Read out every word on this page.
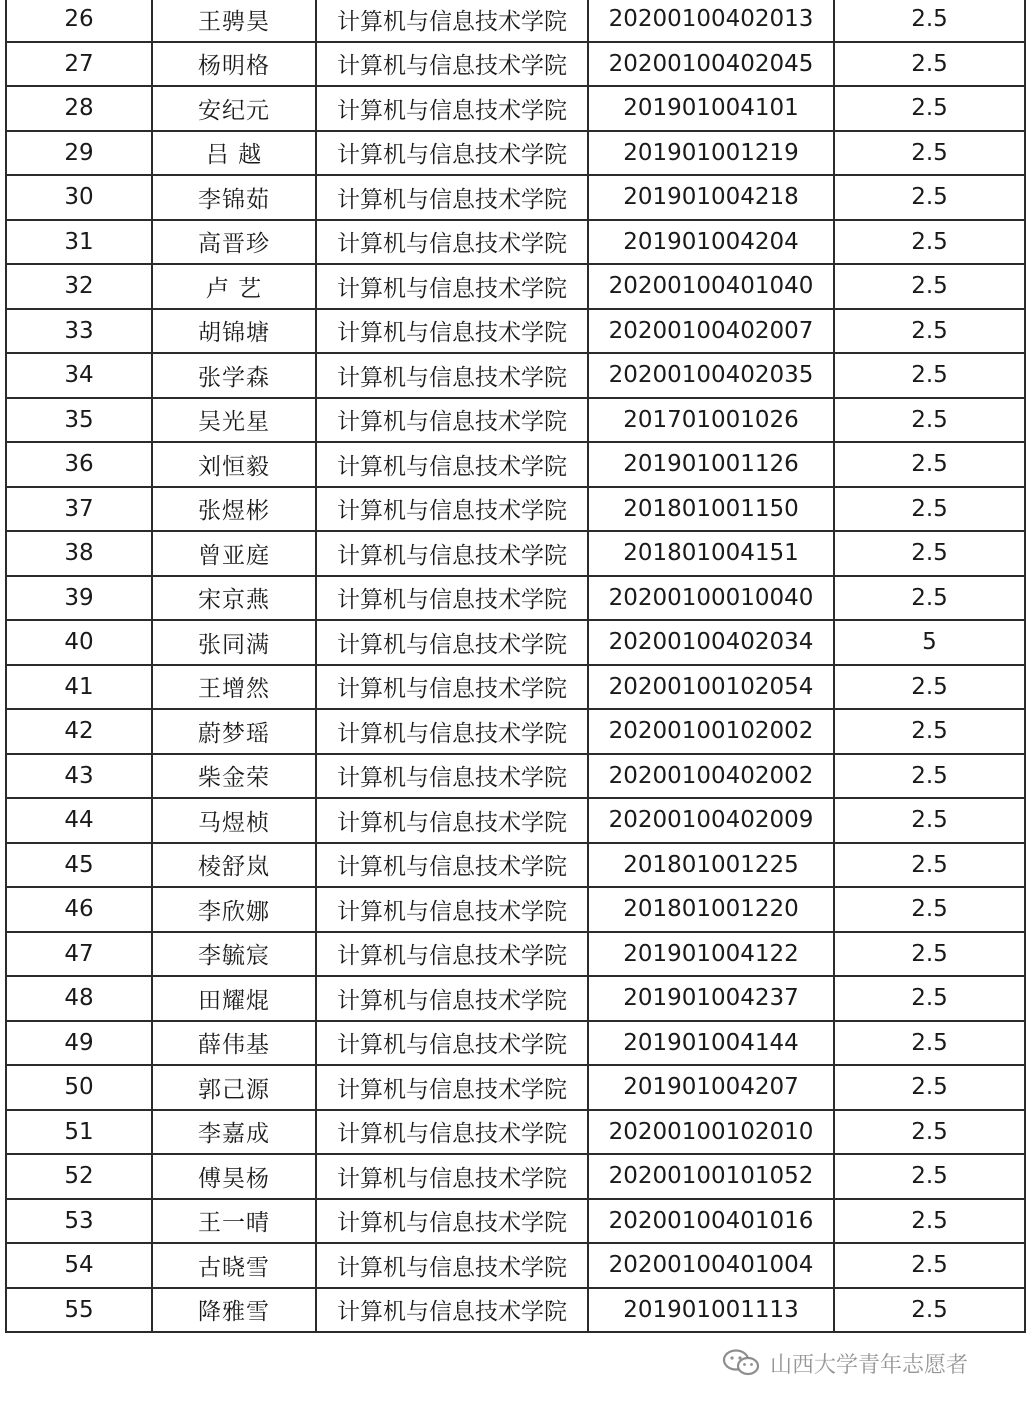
26	王骋昊	计算机与信息技术学院	20200100402013	2.5
27	杨明格	计算机与信息技术学院	20200100402045	2.5
28	安纪元	计算机与信息技术学院	201901004101	2.5
29	吕 越	计算机与信息技术学院	201901001219	2.5
30	李锦茹	计算机与信息技术学院	201901004218	2.5
31	高晋珍	计算机与信息技术学院	201901004204	2.5
32	卢 艺	计算机与信息技术学院	20200100401040	2.5
33	胡锦塘	计算机与信息技术学院	20200100402007	2.5
34	张学森	计算机与信息技术学院	20200100402035	2.5
35	吴光星	计算机与信息技术学院	201701001026	2.5
36	刘恒毅	计算机与信息技术学院	201901001126	2.5
37	张煜彬	计算机与信息技术学院	201801001150	2.5
38	曾亚庭	计算机与信息技术学院	201801004151	2.5
39	宋京燕	计算机与信息技术学院	20200100010040	2.5
40	张同满	计算机与信息技术学院	20200100402034	5
41	王增然	计算机与信息技术学院	20200100102054	2.5
42	蔚梦瑶	计算机与信息技术学院	20200100102002	2.5
43	柴金荣	计算机与信息技术学院	20200100402002	2.5
44	马煜桢	计算机与信息技术学院	20200100402009	2.5
45	棱舒岚	计算机与信息技术学院	201801001225	2.5
46	李欣娜	计算机与信息技术学院	201801001220	2.5
47	李毓宸	计算机与信息技术学院	201901004122	2.5
48	田耀焜	计算机与信息技术学院	201901004237	2.5
49	薛伟基	计算机与信息技术学院	201901004144	2.5
50	郭己源	计算机与信息技术学院	201901004207	2.5
51	李嘉成	计算机与信息技术学院	20200100102010	2.5
52	傅昊杨	计算机与信息技术学院	20200100101052	2.5
53	王一晴	计算机与信息技术学院	20200100401016	2.5
54	古晓雪	计算机与信息技术学院	20200100401004	2.5
55	降雅雪	计算机与信息技术学院	201901001113	2.5
山西大学青年志愿者
